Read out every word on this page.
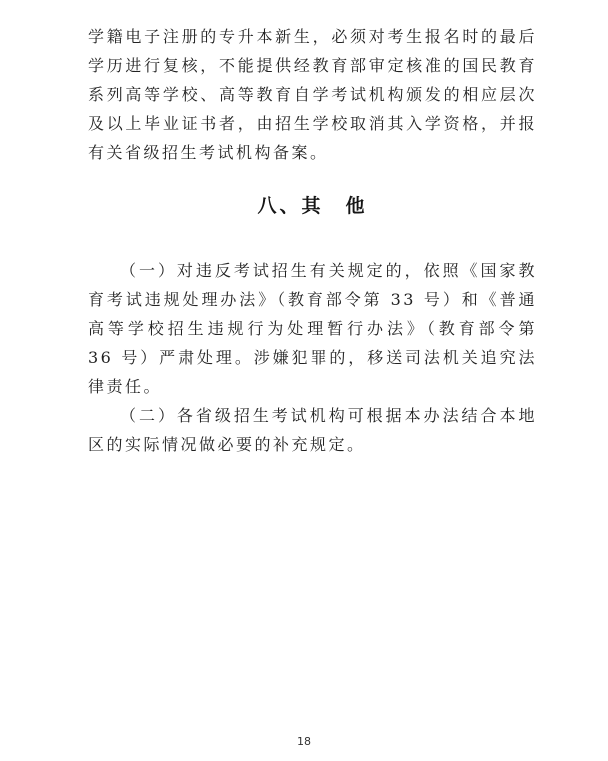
学籍电子注册的专升本新生，必须对考生报名时的最后学历进行复核，不能提供经教育部审定核准的国民教育系列高等学校、高等教育自学考试机构颁发的相应层次及以上毕业证书者，由招生学校取消其入学资格，并报有关省级招生考试机构备案。

八、其　他

（一）对违反考试招生有关规定的，依照《国家教育考试违规处理办法》（教育部令第 33 号）和《普通高等学校招生违规行为处理暂行办法》（教育部令第 36 号）严肃处理。涉嫌犯罪的，移送司法机关追究法律责任。

（二）各省级招生考试机构可根据本办法结合本地区的实际情况做必要的补充规定。

18
